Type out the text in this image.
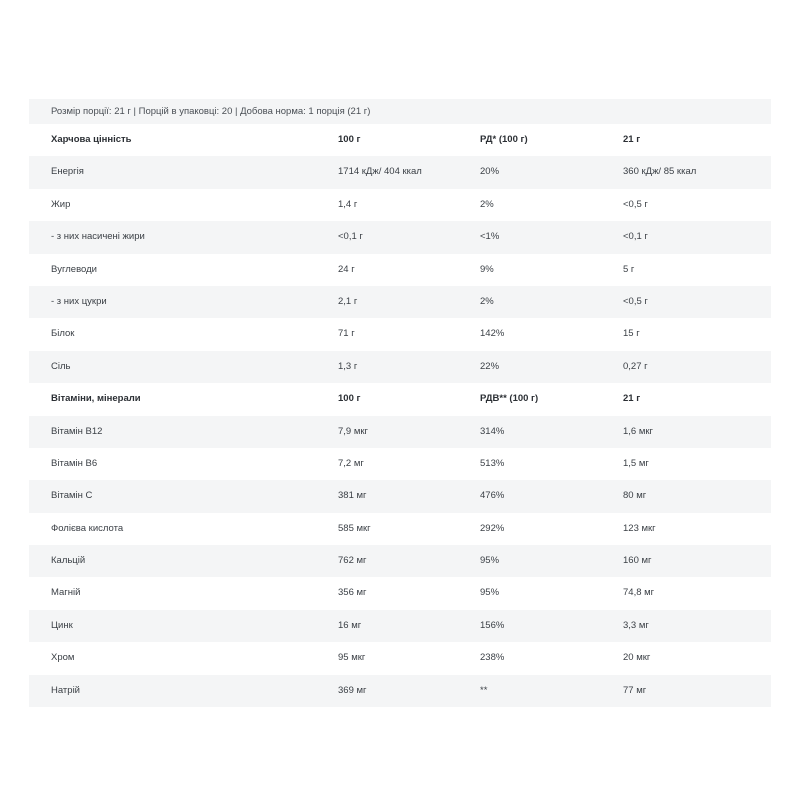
Розмір порції: 21 г | Порцій в упаковці: 20 | Добова норма: 1 порція (21 г)
Харчова цінність	100 г	РД* (100 г)	21 г
Енергія	1714 кДж/ 404 ккал	20%	360 кДж/ 85 ккал
Жир	1,4 г	2%	<0,5 г
- з них насичені жири	<0,1 г	<1%	<0,1 г
Вуглеводи	24 г	9%	5 г
- з них цукри	2,1 г	2%	<0,5 г
Білок	71 г	142%	15 г
Сіль	1,3 г	22%	0,27 г
Вітаміни, мінерали	100 г	РДВ** (100 г)	21 г
Вітамін B12	7,9 мкг	314%	1,6 мкг
Вітамін B6	7,2 мг	513%	1,5 мг
Вітамін C	381 мг	476%	80 мг
Фолієва кислота	585 мкг	292%	123 мкг
Кальцій	762 мг	95%	160 мг
Магній	356 мг	95%	74,8 мг
Цинк	16 мг	156%	3,3 мг
Хром	95 мкг	238%	20 мкг
Натрій	369 мг	**	77 мг
